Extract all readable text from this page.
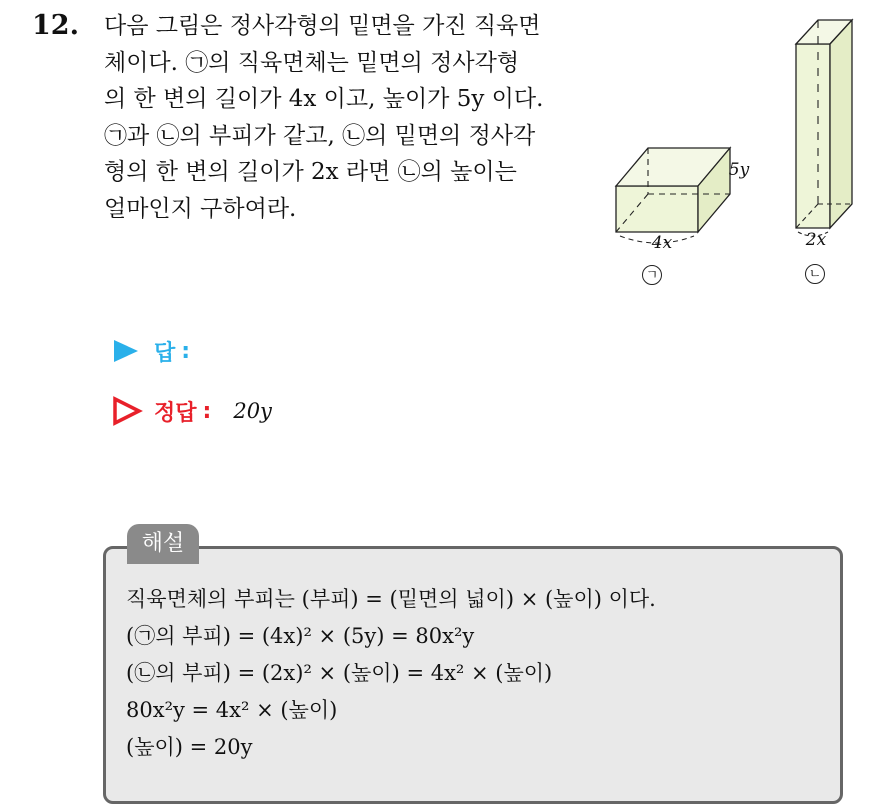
12. 다음 그림은 정사각형의 밑면을 가진 직육면
체이다. ㉠의 직육면체는 밑면의 정사각형
의 한 변의 길이가 4x 이고, 높이가 5y 이다.
㉠과 ㉡의 부피가 같고, ㉡의 밑면의 정사각
형의 한 변의 길이가 2x 라면 ㉡의 높이는
얼마인지 구하여라.
4x
5y
ㄱ
2x
ㄴ
답 :
정답 : 20y
직육면체의 부피는 (부피) = (밑면의 넓이) × (높이) 이다.
(㉠의 부피) = (4x)² × (5y) = 80x²y
(㉡의 부피) = (2x)² × (높이) = 4x² × (높이)
80x²y = 4x² × (높이)
(높이) = 20y
해설
